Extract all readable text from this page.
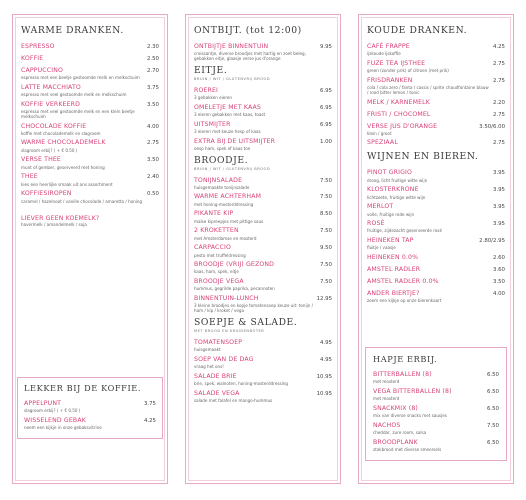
WARME DRANKEN.
ESPRESSO	2.30
KOFFIE	2.50
CAPPUCCINO	2.70
espresso met een beetje gestoomde melk en melkschuim
LATTE MACCHIATO	3.75
espresso met veel gestoomde melk en melkschuim
KOFFIE VERKEERD	3.50
espresso met veel gestoomde melk en een klein beetje melkschuim
CHOCOLADE KOFFIE	4.00
koffie met chocolademelk en slagroom
WARME CHOCOLADEMELK	2.75
slagroom erbij? ( + € 0.50 )
VERSE THEE	3.50
munt of gember, geserveerd met honing
THEE	2.40
kies een heerlijke smaak uit ons assortiment
KOFFIESIROPEN	0.50
caramel / hazelnoot / vanille chocolade / amaretto / honing
LIEVER GEEN KOEMELK?
havermelk / amandelmelk / soja
LEKKER BIJ DE KOFFIE.
APPELPUNT	3.75
slagroom erbij? ( + € 0.50 )
WISSELEND GEBAK	4.25
neem een kijkje in onze gebaksvitrine
ONTBIJT. (tot 12:00)
ONTBIJTJE BINNENTUIN	9.95
croissantje, diverse broodjes met hartig en zoet beleg, gebakken eitje, glaasje verse jus d'orange
EITJE.
BRUIN / WIT / GLUTENVRIJ BROOD
ROEREI	6.95
3 gebakken eieren
OMELETJE MET KAAS	6.95
3 eieren gebakken met kaas, toast
UITSMIJTER	6.95
3 eieren met keuze hesp of kaas
EXTRA BIJ DE UITSMIJTER	1.00
oesp ham, spek of kaas ton
BROODJE.
BRUIN / WIT / GLUTENVRIJ BROOD
TONIJNSALADE	7.50
huisgemaakte tonijnsalade
WARME ACHTERHAM	7.50
met honing-mosterddressing
PIKANTE KIP	8.50
malse kipreepjes met pittige saus
2 KROKETTEN	7.50
met Amsterdamse en mosterd
CARPACCIO	9.50
pesto met truffeldressing
BROODJE (VRIJ) GEZOND	7.50
kaas, ham, spek, eitje
BROODJE VEGA	7.50
hummus, gegrilde paprika, pecannoten
BINNENTUIN-LUNCH	12.95
3 kleine broodjes en kopje tomatensoep keuze uit: tonijn / ham / kip / kroket / vega
SOEPJE & SALADE.
MET BROOD EN KRUIDENBOTER
TOMATENSOEP	4.95
huisgemaakt
SOEP VAN DE DAG	4.95
vraag het ons!
SALADE BRIE	10.95
brie, spek, walnoten, honing-mosterddressing
SALADE VEGA	10.95
salade met falafel en mango-hummus
KOUDE DRANKEN.
CAFÉ FRAPPE	4.25
ijskoude ijskoffie
FUZE TEA IJSTHEE	2.75
green (zonder prik) of citroen (met prik)
FRISDRANKEN	2.75
cola / cola zero / fanta / cassis / sprite chaudfontaine blauw / rood bitter lemon / tonic
MELK / KARNEMELK	2.20
FRISTI / CHOCOMEL	2.75
VERSE JUS D'ORANGE	3.50/6.00
klein / groot
SPEZIAAL	2.75
WIJNEN EN BIEREN.
PINOT GRIGIO	3.95
droog, licht fruitige witte wijn
KLOSTERKRONE	3.95
lichtzoete, fruitige witte wijn
MERLOT	3.95
volle, fruitige rode wijn
ROSÉ	3.95
fruitige, zijdezacht geserveerde rosé
HEINEKEN TAP	2.80/2.95
fluitje / vaasje
HEINEKEN 0.0%	2.60
AMSTEL RADLER	3.60
AMSTEL RADLER 0.0%	3.50
ANDER BIERTJE?	4.00
zoem een kijkje op onze bierenkaart
HAPJE ERBIJ.
BITTERBALLEN (8)	6.50
met mosterd
VEGA BITTERBALLEN (8)	6.50
met mosterd
SNACKMIX (8)	6.50
mix van diverse snacks met sausjes
NACHOS	7.50
cheddar, zure room, salsa
BROODPLANK	6.50
stokbrood met diverse smeersels
